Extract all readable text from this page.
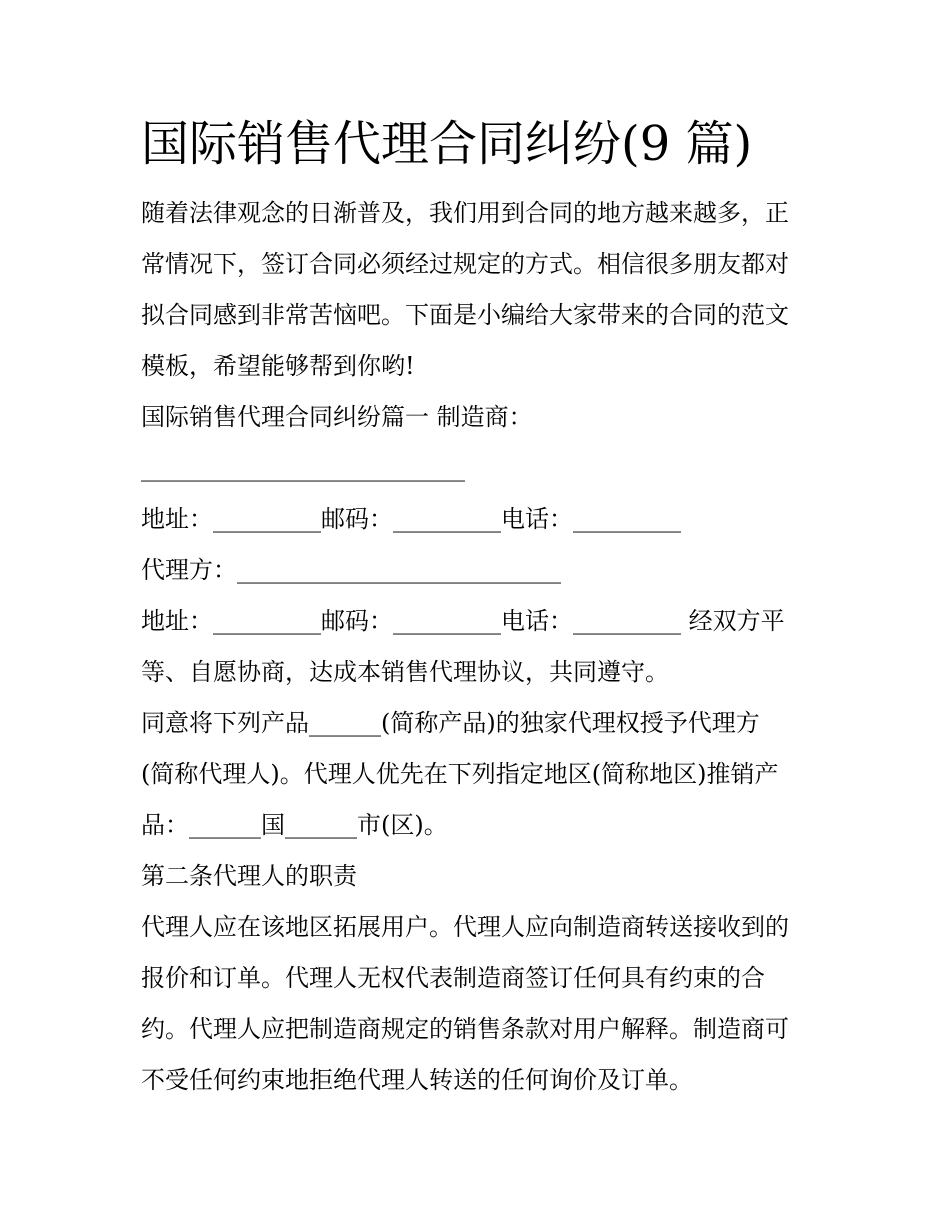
国际销售代理合同纠纷(9 篇)

随着法律观念的日渐普及，我们用到合同的地方越来越多，正

常情况下，签订合同必须经过规定的方式。相信很多朋友都对

拟合同感到非常苦恼吧。下面是小编给大家带来的合同的范文

模板，希望能够帮到你哟!

国际销售代理合同纠纷篇一 制造商：

___________________________

地址：_________邮码：_________电话：_________

代理方：___________________________

地址：_________邮码：_________电话：_________ 经双方平

等、自愿协商，达成本销售代理协议，共同遵守。

同意将下列产品______(简称产品)的独家代理权授予代理方

(简称代理人)。代理人优先在下列指定地区(简称地区)推销产

品：______国______市(区)。

第二条代理人的职责

代理人应在该地区拓展用户。代理人应向制造商转送接收到的

报价和订单。代理人无权代表制造商签订任何具有约束的合

约。代理人应把制造商规定的销售条款对用户解释。制造商可

不受任何约束地拒绝代理人转送的任何询价及订单。
